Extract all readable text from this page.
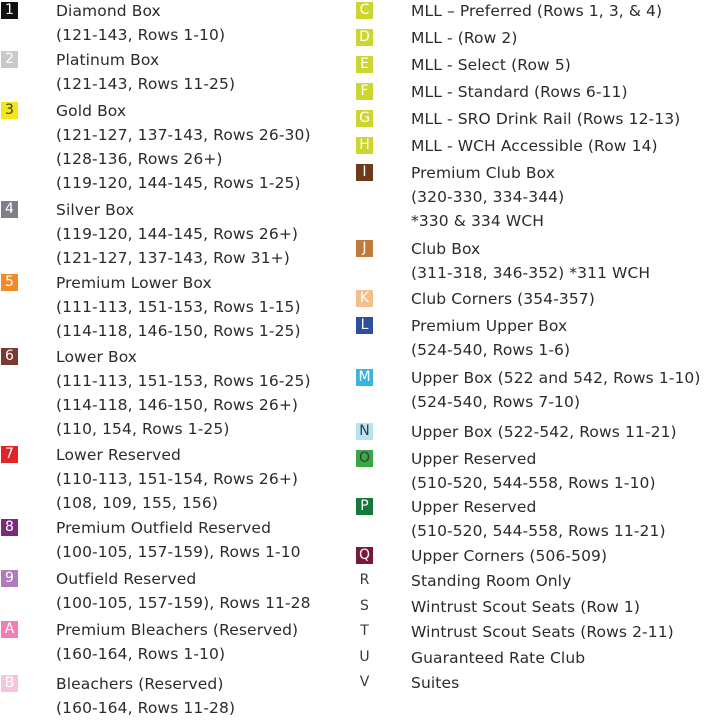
1	Diamond Box
(121-143, Rows 1-10)
2	Platinum Box
(121-143, Rows 11-25)
3	Gold Box
(121-127, 137-143, Rows 26-30)
(128-136, Rows 26+)
(119-120, 144-145, Rows 1-25)
4	Silver Box
(119-120, 144-145, Rows 26+)
(121-127, 137-143, Row 31+)
5	Premium Lower Box
(111-113, 151-153, Rows 1-15)
(114-118, 146-150, Rows 1-25)
6	Lower Box
(111-113, 151-153, Rows 16-25)
(114-118, 146-150, Rows 26+)
(110, 154, Rows 1-25)
7	Lower Reserved
(110-113, 151-154, Rows 26+)
(108, 109, 155, 156)
8	Premium Outfield Reserved
(100-105, 157-159), Rows 1-10
9	Outfield Reserved
(100-105, 157-159), Rows 11-28
A	Premium Bleachers (Reserved)
(160-164, Rows 1-10)
B	Bleachers (Reserved)
(160-164, Rows 11-28)
C	MLL – Preferred (Rows 1, 3, & 4)
D	MLL - (Row 2)
E	MLL - Select (Row 5)
F	MLL - Standard (Rows 6-11)
G	MLL - SRO Drink Rail (Rows 12-13)
H	MLL - WCH Accessible (Row 14)
I	Premium Club Box
(320-330, 334-344)
*330 & 334 WCH
J	Club Box
(311-318, 346-352) *311 WCH
K	Club Corners (354-357)
L	Premium Upper Box
(524-540, Rows 1-6)
M	Upper Box (522 and 542, Rows 1-10)
(524-540, Rows 7-10)
N	Upper Box (522-542, Rows 11-21)
O	Upper Reserved
(510-520, 544-558, Rows 1-10)
P	Upper Reserved
(510-520, 544-558, Rows 11-21)
Q	Upper Corners (506-509)
R	Standing Room Only
S	Wintrust Scout Seats (Row 1)
T	Wintrust Scout Seats (Rows 2-11)
U	Guaranteed Rate Club
V	Suites
